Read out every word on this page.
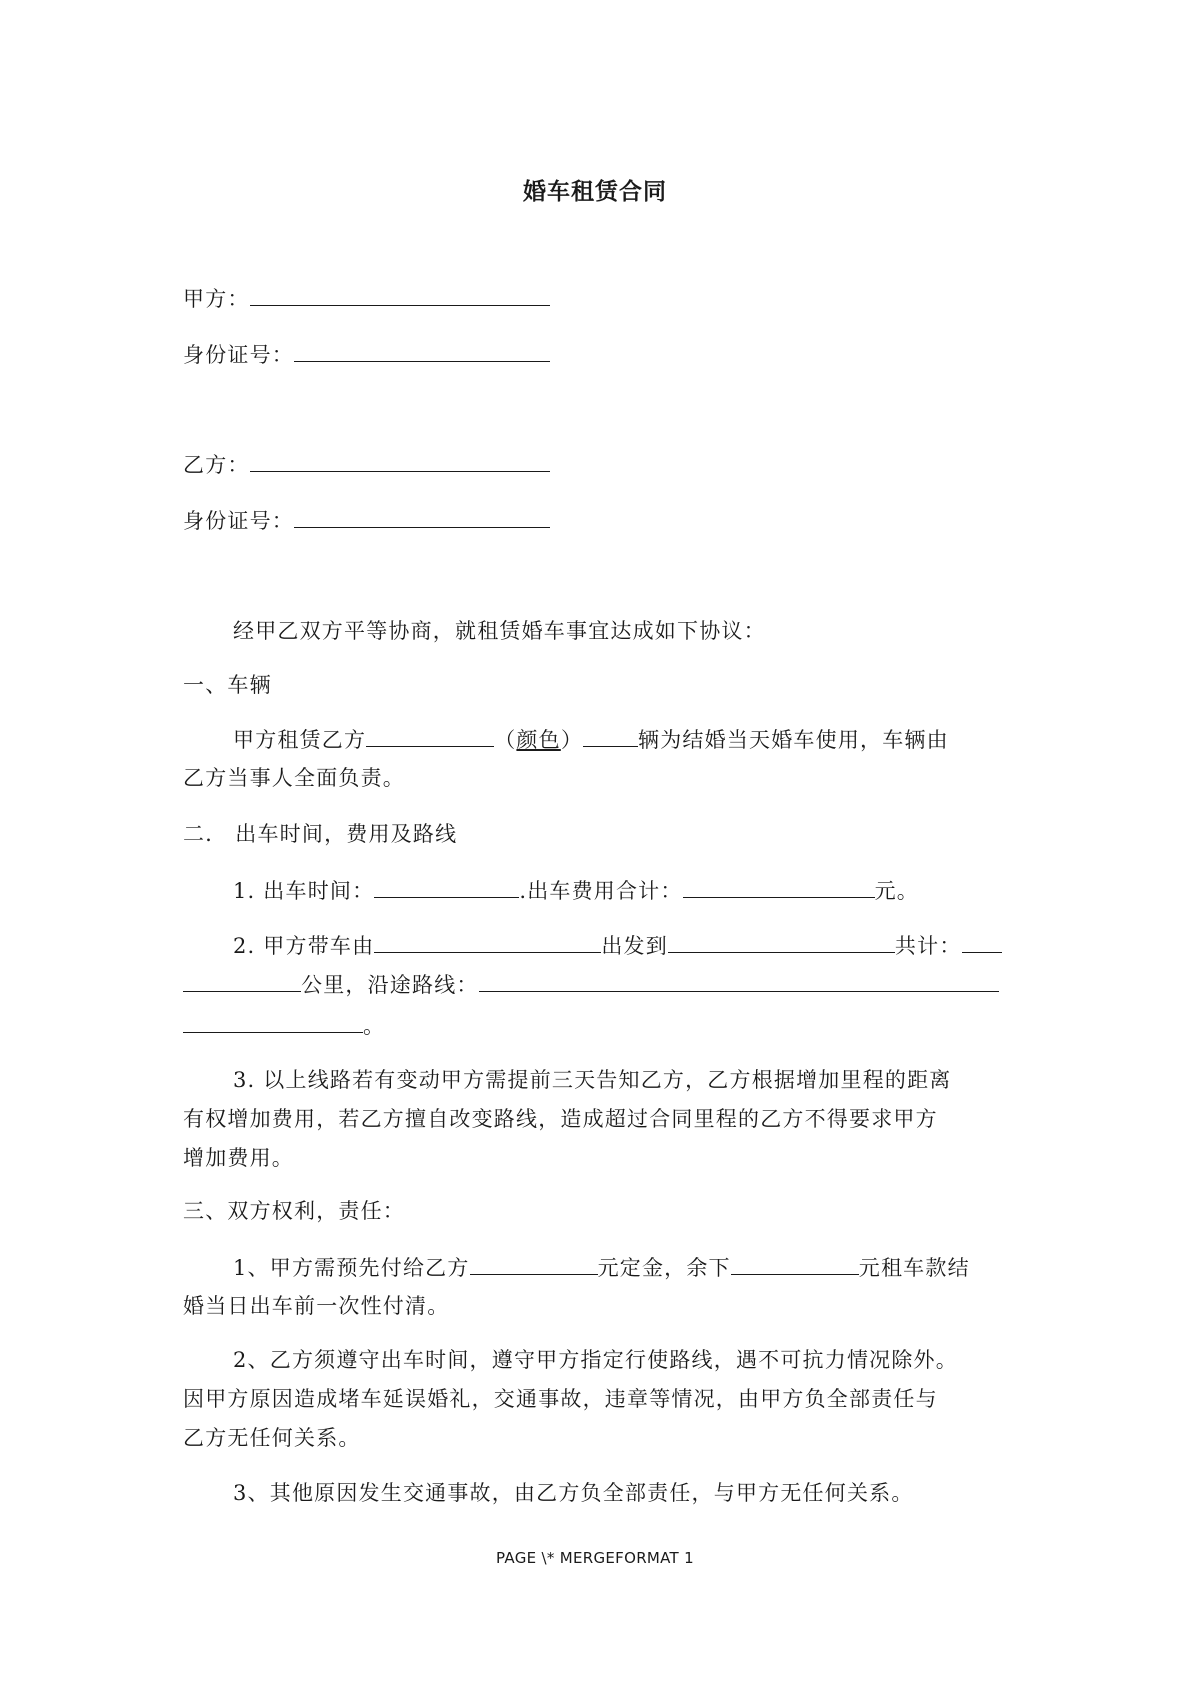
婚车租赁合同
甲方：
身份证号：
乙方：
身份证号：
经甲乙双方平等协商，就租赁婚车事宜达成如下协议：
一、车辆
甲方租赁乙方	（颜色）	辆为结婚当天婚车使用，车辆由
乙方当事人全面负责。
二． 出车时间，费用及路线
1. 出车时间：	.出车费用合计：	元。
2. 甲方带车由	出发到	共计：
公里，沿途路线：
。
3. 以上线路若有变动甲方需提前三天告知乙方，乙方根据增加里程的距离
有权增加费用，若乙方擅自改变路线，造成超过合同里程的乙方不得要求甲方
增加费用。
三、双方权利，责任：
1、甲方需预先付给乙方	元定金，余下	元租车款结
婚当日出车前一次性付清。
2、乙方须遵守出车时间，遵守甲方指定行使路线，遇不可抗力情况除外。
因甲方原因造成堵车延误婚礼，交通事故，违章等情况，由甲方负全部责任与
乙方无任何关系。
3、其他原因发生交通事故，由乙方负全部责任，与甲方无任何关系。
PAGE \* MERGEFORMAT 1
